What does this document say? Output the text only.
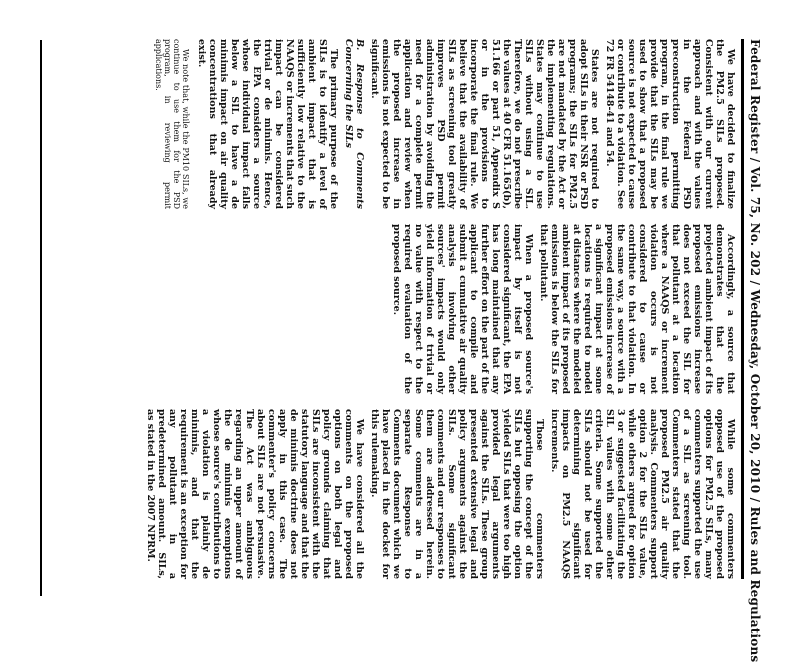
Federal Register / Vol. 75, No. 202 / Wednesday, October 20, 2010 / Rules and Regulations

We have decided to finalize the PM2.5 SILs proposed. Consistent with our current approach and with the values in the Federal PSD preconstruction permitting program, in the final rule we provide that the SILs may be used to show that a proposed source is not expected to cause or contribute to a violation. See 72 FR 54148-41 and 54.

States are not required to adopt SILs in their NSR or PSD programs; the SILs for PM2.5 are not mandated by the Act or the implementing regulations. States may continue to use SILs without using a SIL. Therefore, we do not prescribe the values at 40 CFR 51.165(b), 51.166 or part 51, Appendix S or in the provisions to incorporate the final rule. We believe that the availability of SILs as screening tool greatly improves PSD permit administration by avoiding the need for a complete permit application and review when the proposed increase in emissions is not expected to be significant.

B. Response to Comments Concerning the SILs

The primary purpose of the SILs is to identify a level of ambient impact that is sufficiently low relative to the NAAQS or increments that such impact can be considered trivial or de minimis. Hence, the EPA considers a source whose individual impact falls below a SIL to have a de minimis impact on air quality concentrations that already exist.

We note that, while the PM10 SILs, we continue to use them for the PSD program, in reviewing permit applications.

Accordingly, a source that demonstrates that the projected ambient impact of its proposed emissions increase does not exceed the SIL for that pollutant at a location where a NAAQS or increment violation occurs is not considered to cause or contribute to that violation. In the same way, a source with a proposed emissions increase of a significant impact at some locations is required to model at distances where the modeled ambient impact of its proposed emissions is below the SILs for that pollutant.

When a proposed source's impact by itself is not considered significant, the EPA has long maintained that any further effort on the part of the applicant to compile and submit a cumulative air quality analysis involving other sources' impacts would only yield information of trivial or no value with respect to the required evaluation of the proposed source.

While some commenters opposed use of the proposed options for PM2.5 SILs, many commenters supported the use of a SIL as screening tool. Commenters stated that the proposed PM2.5 air quality analysis. Commenters support option 2 for the SILs value, while others argued for option 3 or suggested facilitating the SIL values with some other criteria. Some supported the SILs should not be used for determining significant impacts on PM2.5 NAAQS increments.

Those commenters supporting the concept of the SILs but opposing the option yielded SILs that were too high provided legal arguments against the SILs. These group presented extensive legal and policy arguments against the SILs. Some significant comments and our responses to them are addressed herein. Some comments are in a separate Response to Comments document which we have placed in the docket for this rulemaking.

We have considered all the comments on the proposed options on both legal and policy grounds claiming that SILs are inconsistent with the statutory language and that the de minimis doctrine does not apply in this case. The commenter's policy concerns about SILs are not persuasive. The Act was ambiguous regarding an upper amount of the de minimis exemptions whose source's contributions to a violation is plainly de minimis, and that the requirement is an exception for any pollutant in a predetermined amount. SILs, as stated in the 2007 NPRM.
